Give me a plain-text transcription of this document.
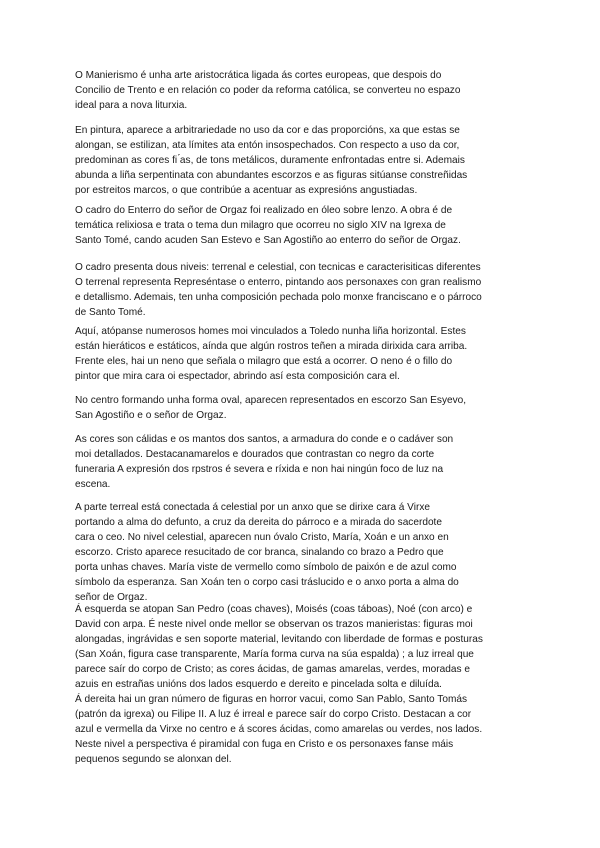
O Manierismo é unha arte aristocrática ligada ás cortes europeas, que despois do
Concilio de Trento e en relación co poder da reforma católica, se converteu no espazo
ideal para a nova liturxia.

En pintura, aparece a arbitrariedade no uso da cor e das proporcións, xa que estas se
alongan, se estilizan, ata límites ata entón insospechados. Con respecto a uso da cor,
predominan as cores fi ́as, de tons metálicos, duramente enfrontadas entre si. Ademais
abunda a liña serpentinata con abundantes escorzos e as figuras sitúanse constreñidas
por estreitos marcos, o que contribúe a acentuar as expresións angustiadas.

O cadro do Enterro do señor de Orgaz foi realizado en óleo sobre lenzo. A obra é de
temática relixiosa e trata o tema dun milagro que ocorreu no siglo XIV na Igrexa de
Santo Tomé, cando acuden San Estevo e San Agostiño ao enterro do señor de Orgaz.

O cadro presenta dous niveis: terrenal e celestial, con tecnicas e caracterisiticas diferentes
O terrenal representa Represéntase o enterro, pintando aos personaxes con gran realismo
e detallismo. Ademais, ten unha composición pechada polo monxe franciscano e o párroco
de Santo Tomé.

Aquí, atópanse numerosos homes moi vinculados a Toledo nunha liña horizontal. Estes
están hieráticos e estáticos, aínda que algún rostros teñen a mirada dirixida cara arriba.
Frente eles, hai un neno que señala o milagro que está a ocorrer. O neno é o fillo do
pintor que mira cara oi espectador, abrindo así esta composición cara el.

No centro formando unha forma oval, aparecen representados en escorzo San Esyevo,
San Agostiño e o señor de Orgaz.

As cores son cálidas e os mantos dos santos, a armadura do conde e o cadáver son
moi detallados. Destacanamarelos e dourados que contrastan co negro da corte
funeraria A expresión dos rpstros é severa e ríxida e non hai ningún foco de luz na
escena.

A parte terreal está conectada á celestial por un anxo que se dirixe cara á Virxe
portando a alma do defunto, a cruz da dereita do párroco e a mirada do sacerdote
cara o ceo. No nivel celestial, aparecen nun óvalo Cristo, María, Xoán e un anxo en
escorzo. Cristo aparece resucitado de cor branca, sinalando co brazo a Pedro que
porta unhas chaves. María viste de vermello como símbolo de paixón e de azul como
símbolo da esperanza. San Xoán ten o corpo casi tráslucido e o anxo porta a alma do
señor de Orgaz.

Á esquerda se atopan San Pedro (coas chaves), Moisés (coas táboas), Noé (con arco) e
David con arpa. É neste nivel onde mellor se observan os trazos manieristas: figuras moi
alongadas, ingrávidas e sen soporte material, levitando con liberdade de formas e posturas
(San Xoán, figura case transparente, María forma curva na súa espalda) ; a luz irreal que
parece saír do corpo de Cristo; as cores ácidas, de gamas amarelas, verdes, moradas e
azuis en estrañas unións dos lados esquerdo e dereito e pincelada solta e diluída.
Á dereita hai un gran número de figuras en horror vacui, como San Pablo, Santo Tomás
(patrón da igrexa) ou Filipe II. A luz é irreal e parece saír do corpo Cristo. Destacan a cor
azul e vermella da Virxe no centro e á scores ácidas, como amarelas ou verdes, nos lados.
Neste nivel a perspectiva é piramidal con fuga en Cristo e os personaxes fanse máis
pequenos segundo se alonxan del.
